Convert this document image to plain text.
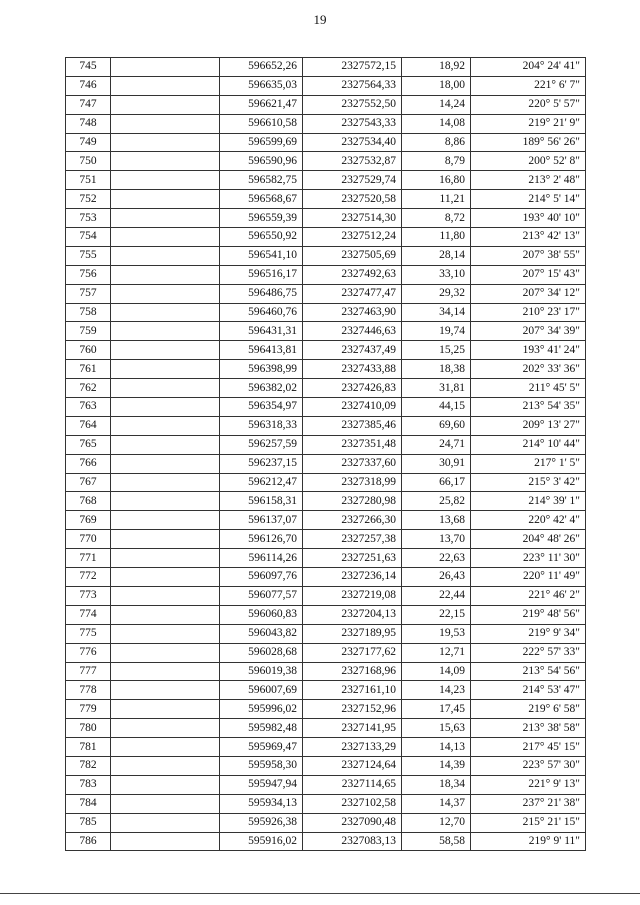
19
745		596652,26	2327572,15	18,92	204° 24' 41"
746		596635,03	2327564,33	18,00	221° 6' 7"
747		596621,47	2327552,50	14,24	220° 5' 57"
748		596610,58	2327543,33	14,08	219° 21' 9"
749		596599,69	2327534,40	8,86	189° 56' 26"
750		596590,96	2327532,87	8,79	200° 52' 8"
751		596582,75	2327529,74	16,80	213° 2' 48"
752		596568,67	2327520,58	11,21	214° 5' 14"
753		596559,39	2327514,30	8,72	193° 40' 10"
754		596550,92	2327512,24	11,80	213° 42' 13"
755		596541,10	2327505,69	28,14	207° 38' 55"
756		596516,17	2327492,63	33,10	207° 15' 43"
757		596486,75	2327477,47	29,32	207° 34' 12"
758		596460,76	2327463,90	34,14	210° 23' 17"
759		596431,31	2327446,63	19,74	207° 34' 39"
760		596413,81	2327437,49	15,25	193° 41' 24"
761		596398,99	2327433,88	18,38	202° 33' 36"
762		596382,02	2327426,83	31,81	211° 45' 5"
763		596354,97	2327410,09	44,15	213° 54' 35"
764		596318,33	2327385,46	69,60	209° 13' 27"
765		596257,59	2327351,48	24,71	214° 10' 44"
766		596237,15	2327337,60	30,91	217° 1' 5"
767		596212,47	2327318,99	66,17	215° 3' 42"
768		596158,31	2327280,98	25,82	214° 39' 1"
769		596137,07	2327266,30	13,68	220° 42' 4"
770		596126,70	2327257,38	13,70	204° 48' 26"
771		596114,26	2327251,63	22,63	223° 11' 30"
772		596097,76	2327236,14	26,43	220° 11' 49"
773		596077,57	2327219,08	22,44	221° 46' 2"
774		596060,83	2327204,13	22,15	219° 48' 56"
775		596043,82	2327189,95	19,53	219° 9' 34"
776		596028,68	2327177,62	12,71	222° 57' 33"
777		596019,38	2327168,96	14,09	213° 54' 56"
778		596007,69	2327161,10	14,23	214° 53' 47"
779		595996,02	2327152,96	17,45	219° 6' 58"
780		595982,48	2327141,95	15,63	213° 38' 58"
781		595969,47	2327133,29	14,13	217° 45' 15"
782		595958,30	2327124,64	14,39	223° 57' 30"
783		595947,94	2327114,65	18,34	221° 9' 13"
784		595934,13	2327102,58	14,37	237° 21' 38"
785		595926,38	2327090,48	12,70	215° 21' 15"
786		595916,02	2327083,13	58,58	219° 9' 11"
